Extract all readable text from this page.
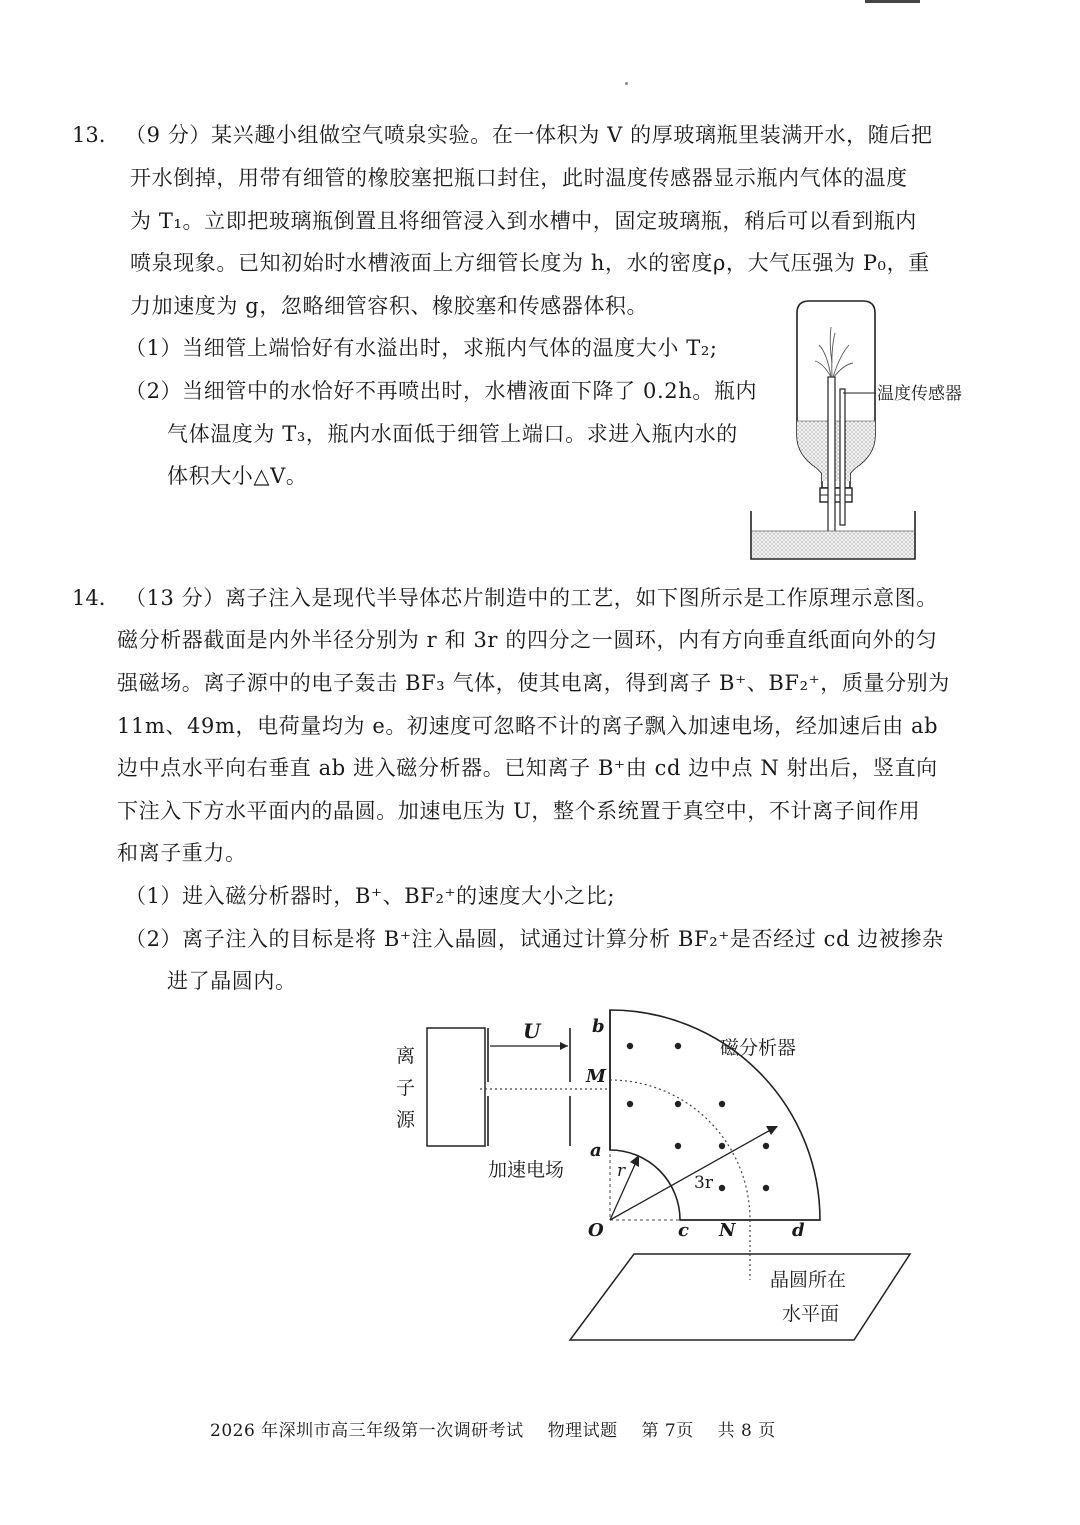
13. （9 分）某兴趣小组做空气喷泉实验。在一体积为 V 的厚玻璃瓶里装满开水，随后把
开水倒掉，用带有细管的橡胶塞把瓶口封住，此时温度传感器显示瓶内气体的温度
为 T₁。立即把玻璃瓶倒置且将细管浸入到水槽中，固定玻璃瓶，稍后可以看到瓶内
喷泉现象。已知初始时水槽液面上方细管长度为 h，水的密度ρ，大气压强为 P₀，重
力加速度为 g，忽略细管容积、橡胶塞和传感器体积。
（1）当细管上端恰好有水溢出时，求瓶内气体的温度大小 T₂;
（2）当细管中的水恰好不再喷出时，水槽液面下降了 0.2h。瓶内
气体温度为 T₃，瓶内水面低于细管上端口。求进入瓶内水的
体积大小△V。
温度传感器
14. （13 分）离子注入是现代半导体芯片制造中的工艺，如下图所示是工作原理示意图。
磁分析器截面是内外半径分别为 r 和 3r 的四分之一圆环，内有方向垂直纸面向外的匀
强磁场。离子源中的电子轰击 BF₃ 气体，使其电离，得到离子 B⁺、BF₂⁺，质量分别为
11m、49m，电荷量均为 e。初速度可忽略不计的离子飘入加速电场，经加速后由 ab
边中点水平向右垂直 ab 进入磁分析器。已知离子 B⁺由 cd 边中点 N 射出后，竖直向
下注入下方水平面内的晶圆。加速电压为 U，整个系统置于真空中，不计离子间作用
和离子重力。
（1）进入磁分析器时，B⁺、BF₂⁺的速度大小之比;
（2）离子注入的目标是将 B⁺注入晶圆，试通过计算分析 BF₂⁺是否经过 cd 边被掺杂
进了晶圆内。
离
子
源
U
加速电场	r
3r
b
M
a
O	c N	d
磁分析器
晶圆所在
水平面
2026 年深圳市高三年级第一次调研考试 物理试题 第 7页 共 8 页
